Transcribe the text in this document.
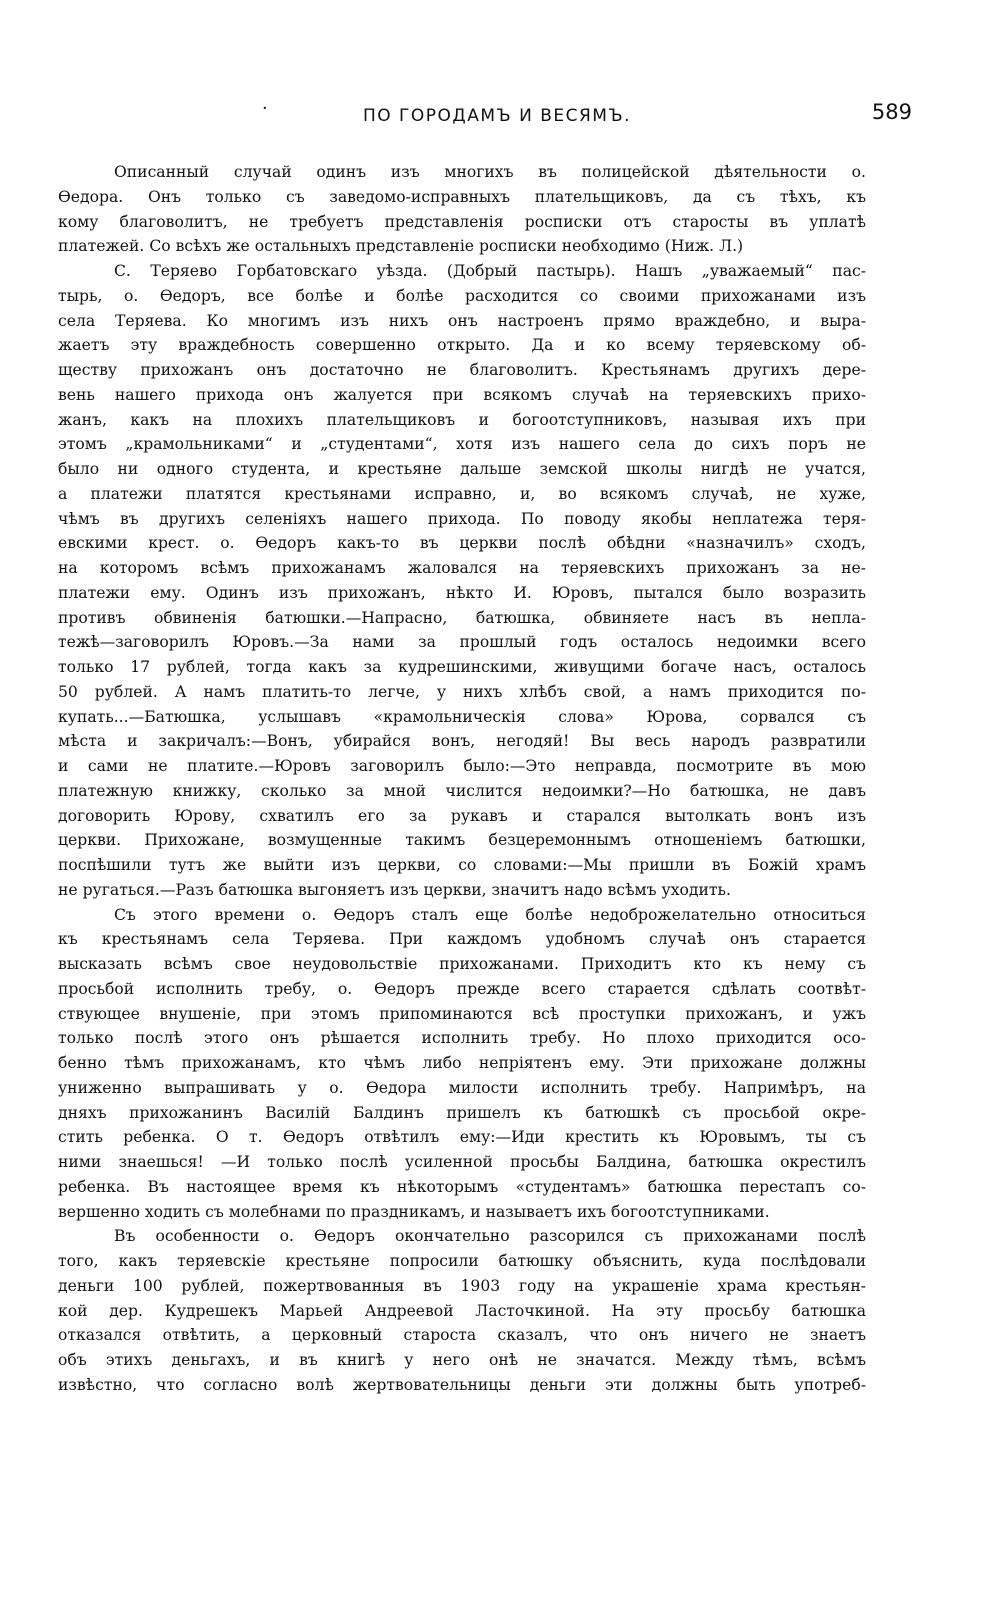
·	ПО ГОРОДАМЪ И ВЕСЯМЪ.	589
Описанный случай одинъ изъ многихъ въ полицейской дѣятельности о.
Ѳедора. Онъ только съ заведомо-исправныхъ плательщиковъ, да съ тѣхъ, къ
кому благоволитъ, не требуетъ представленія росписки отъ старосты въ уплатѣ
платежей. Со всѣхъ же остальныхъ представленіе росписки необходимо (Ниж. Л.)
С. Теряево Горбатовскаго уѣзда. (Добрый пастырь). Нашъ „уважаемый“ пас-
тырь, о. Ѳедоръ, все болѣе и болѣе расходится со своими прихожанами изъ
села Теряева. Ко многимъ изъ нихъ онъ настроенъ прямо враждебно, и выра-
жаетъ эту враждебность совершенно открыто. Да и ко всему теряевскому об-
ществу прихожанъ онъ достаточно не благоволитъ. Крестьянамъ другихъ дере-
вень нашего прихода онъ жалуется при всякомъ случаѣ на теряевскихъ прихо-
жанъ, какъ на плохихъ плательщиковъ и богоотступниковъ, называя ихъ при
этомъ „крамольниками“ и „студентами“, хотя изъ нашего села до сихъ поръ не
было ни одного студента, и крестьяне дальше земской школы нигдѣ не учатся,
а платежи платятся крестьянами исправно, и, во всякомъ случаѣ, не хуже,
чѣмъ въ другихъ селеніяхъ нашего прихода. По поводу якобы неплатежа теря-
евскими крест. о. Ѳедоръ какъ-то въ церкви послѣ обѣдни «назначилъ» сходъ,
на которомъ всѣмъ прихожанамъ жаловался на теряевскихъ прихожанъ за не-
платежи ему. Одинъ изъ прихожанъ, нѣкто И. Юровъ, пытался было возразить
противъ обвиненія батюшки.—Напрасно, батюшка, обвиняете насъ въ непла-
тежѣ—заговорилъ Юровъ.—За нами за прошлый годъ осталось недоимки всего
только 17 рублей, тогда какъ за кудрешинскими, живущими богаче насъ, осталось
50 рублей. А намъ платить-то легче, у нихъ хлѣбъ свой, а намъ приходится по-
купать...—Батюшка, услышавъ «крамольническія слова» Юрова, сорвался съ
мѣста и закричалъ:—Вонъ, убирайся вонъ, негодяй! Вы весь народъ развратили
и сами не платите.—Юровъ заговорилъ было:—Это неправда, посмотрите въ мою
платежную книжку, сколько за мной числится недоимки?—Но батюшка, не давъ
договорить Юрову, схватилъ его за рукавъ и старался вытолкать вонъ изъ
церкви. Прихожане, возмущенные такимъ безцеремоннымъ отношеніемъ батюшки,
поспѣшили тутъ же выйти изъ церкви, со словами:—Мы пришли въ Божій храмъ
не ругаться.—Разъ батюшка выгоняетъ изъ церкви, значитъ надо всѣмъ уходить.
Съ этого времени о. Ѳедоръ сталъ еще болѣе недоброжелательно относиться
къ крестьянамъ села Теряева. При каждомъ удобномъ случаѣ онъ старается
высказать всѣмъ свое неудовольствіе прихожанами. Приходитъ кто къ нему съ
просьбой исполнить требу, о. Ѳедоръ прежде всего старается сдѣлать соотвѣт-
ствующее внушеніе, при этомъ припоминаются всѣ проступки прихожанъ, и ужъ
только послѣ этого онъ рѣшается исполнить требу. Но плохо приходится осо-
бенно тѣмъ прихожанамъ, кто чѣмъ либо непріятенъ ему. Эти прихожане должны
униженно выпрашивать у о. Ѳедора милости исполнить требу. Напримѣръ, на
дняхъ прихожанинъ Василій Балдинъ пришелъ къ батюшкѣ съ просьбой окре-
стить ребенка. О т. Ѳедоръ отвѣтилъ ему:—Иди крестить къ Юровымъ, ты съ
ними знаешься! —И только послѣ усиленной просьбы Балдина, батюшка окрестилъ
ребенка. Въ настоящее время къ нѣкоторымъ «студентамъ» батюшка перестапъ со-
вершенно ходить съ молебнами по праздникамъ, и называетъ ихъ богоотступниками.
Въ особенности о. Ѳедоръ окончательно разсорился съ прихожанами послѣ
того, какъ теряевскіе крестьяне попросили батюшку объяснить, куда послѣдовали
деньги 100 рублей, пожертвованныя въ 1903 году на украшеніе храма крестьян-
кой дер. Кудрешекъ Марьей Андреевой Ласточкиной. На эту просьбу батюшка
отказался отвѣтить, а церковный староста сказалъ, что онъ ничего не знаетъ
объ этихъ деньгахъ, и въ книгѣ у него онѣ не значатся. Между тѣмъ, всѣмъ
извѣстно, что согласно волѣ жертвовательницы деньги эти должны быть употреб-
